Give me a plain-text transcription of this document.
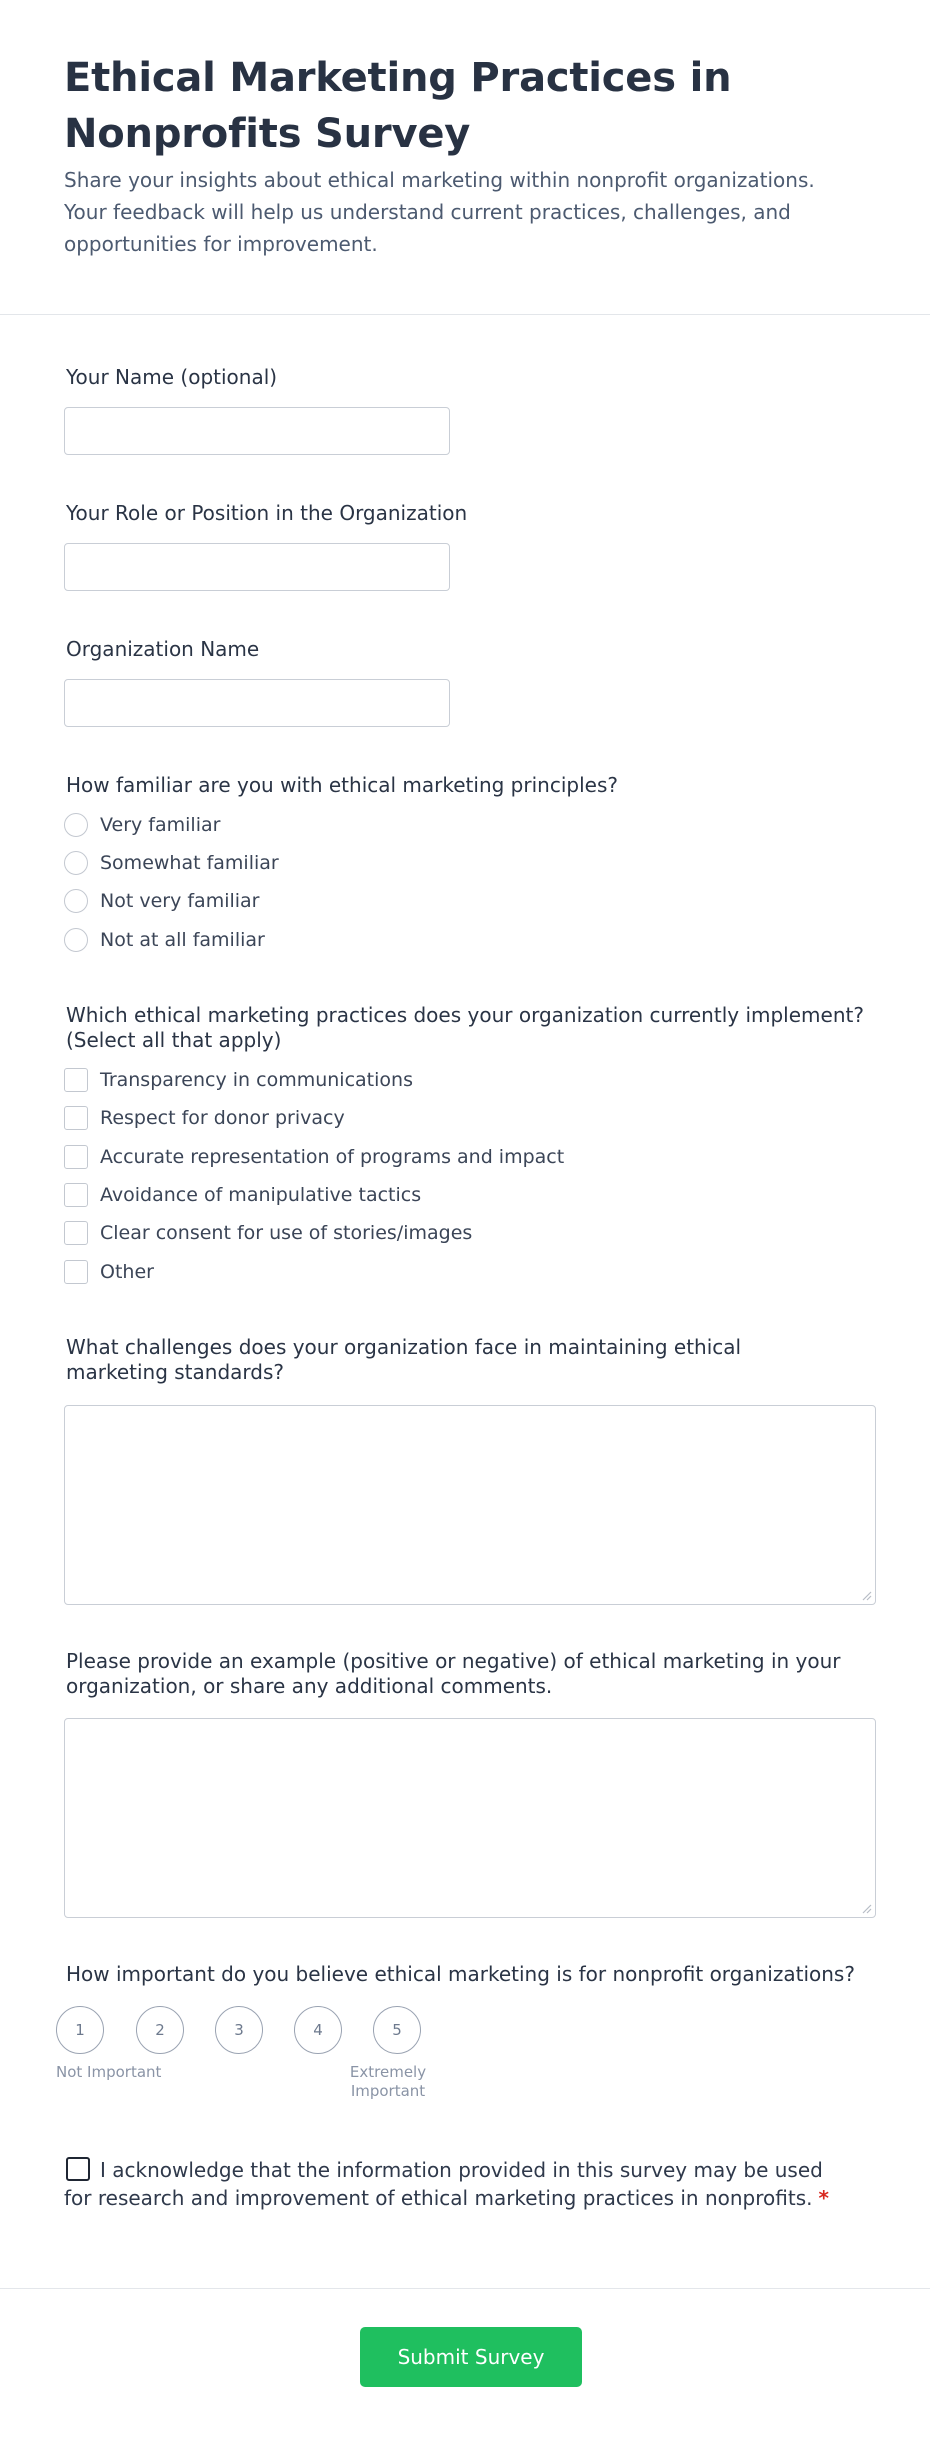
Ethical Marketing Practices in Nonprofits Survey
Share your insights about ethical marketing within nonprofit organizations. Your feedback will help us understand current practices, challenges, and opportunities for improvement.
Your Name (optional)
Your Role or Position in the Organization
Organization Name
How familiar are you with ethical marketing principles?
Very familiar
Somewhat familiar
Not very familiar
Not at all familiar
Which ethical marketing practices does your organization currently implement? (Select all that apply)
Transparency in communications
Respect for donor privacy
Accurate representation of programs and impact
Avoidance of manipulative tactics
Clear consent for use of stories/images
Other
What challenges does your organization face in maintaining ethical marketing standards?
Please provide an example (positive or negative) of ethical marketing in your organization, or share any additional comments.
How important do you believe ethical marketing is for nonprofit organizations?
1	2	3	4	5
Not Important	Extremely Important
I acknowledge that the information provided in this survey may be used for research and improvement of ethical marketing practices in nonprofits. *
Submit Survey
